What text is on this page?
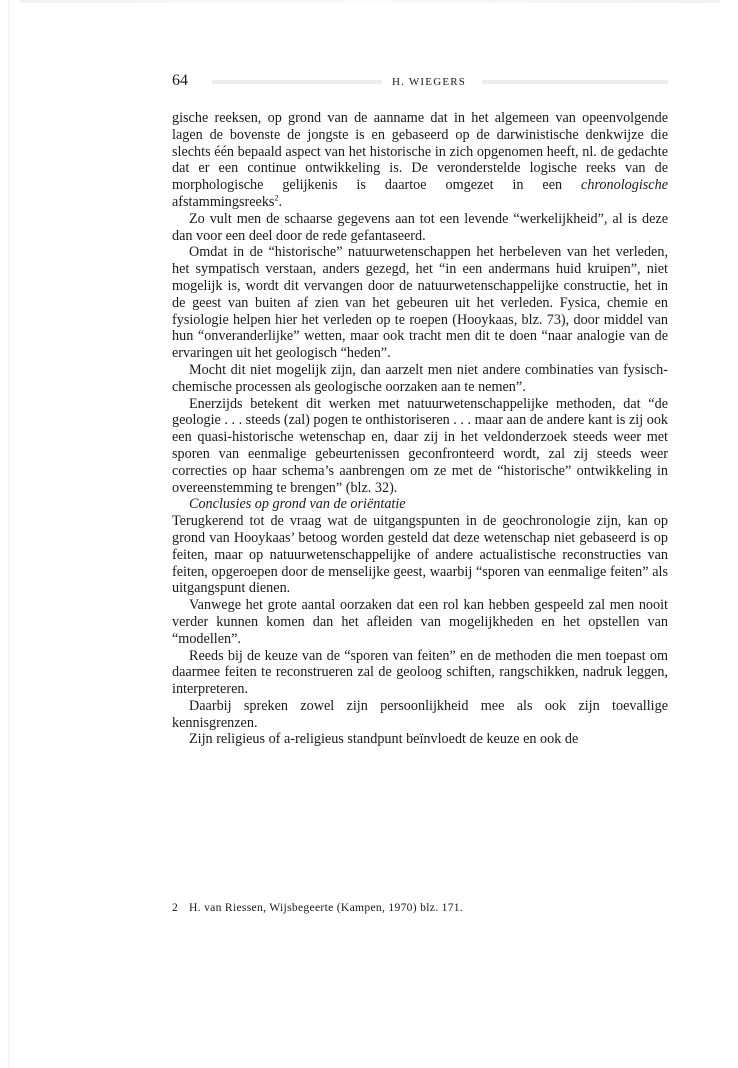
64	H. WIEGERS

gische reeksen, op grond van de aanname dat in het algemeen van opeenvolgende lagen de bovenste de jongste is en gebaseerd op de darwinistische denkwijze die slechts één bepaald aspect van het historische in zich opgenomen heeft, nl. de gedachte dat er een continue ontwikkeling is. De veronderstelde logische reeks van de morphologische gelijkenis is daartoe omgezet in een chronologische afstammingsreeks$^2$.

Zo vult men de schaarse gegevens aan tot een levende “werkelijkheid”, al is deze dan voor een deel door de rede gefantaseerd.

Omdat in de “historische” natuurwetenschappen het herbeleven van het verleden, het sympatisch verstaan, anders gezegd, het “in een andermans huid kruipen”, niet mogelijk is, wordt dit vervangen door de natuurwetenschappelijke constructie, het in de geest van buiten af zien van het gebeuren uit het verleden. Fysica, chemie en fysiologie helpen hier het verleden op te roepen (Hooykaas, blz. 73), door middel van hun “onveranderlijke” wetten, maar ook tracht men dit te doen “naar analogie van de ervaringen uit het geologisch “heden”.

Mocht dit niet mogelijk zijn, dan aarzelt men niet andere combinaties van fysisch-chemische processen als geologische oorzaken aan te nemen”.

Enerzijds betekent dit werken met natuurwetenschappelijke methoden, dat “de geologie . . . steeds (zal) pogen te onthistoriseren . . . maar aan de andere kant is zij ook een quasi-historische wetenschap en, daar zij in het veldonderzoek steeds weer met sporen van eenmalige gebeurtenissen geconfronteerd wordt, zal zij steeds weer correcties op haar schema’s aanbrengen om ze met de “historische” ontwikkeling in overeenstemming te brengen” (blz. 32).

Conclusies op grond van de oriëntatie

Terugkerend tot de vraag wat de uitgangspunten in de geochronologie zijn, kan op grond van Hooykaas’ betoog worden gesteld dat deze wetenschap niet gebaseerd is op feiten, maar op natuurwetenschappelijke of andere actualistische reconstructies van feiten, opgeroepen door de menselijke geest, waarbij “sporen van eenmalige feiten” als uitgangspunt dienen.

Vanwege het grote aantal oorzaken dat een rol kan hebben gespeeld zal men nooit verder kunnen komen dan het afleiden van mogelijkheden en het opstellen van “modellen”.

Reeds bij de keuze van de “sporen van feiten” en de methoden die men toepast om daarmee feiten te reconstrueren zal de geoloog schiften, rangschikken, nadruk leggen, interpreteren.

Daarbij spreken zowel zijn persoonlijkheid mee als ook zijn toevallige kennisgrenzen.

Zijn religieus of a-religieus standpunt beïnvloedt de keuze en ook de

2 H. van Riessen, Wijsbegeerte (Kampen, 1970) blz. 171.
